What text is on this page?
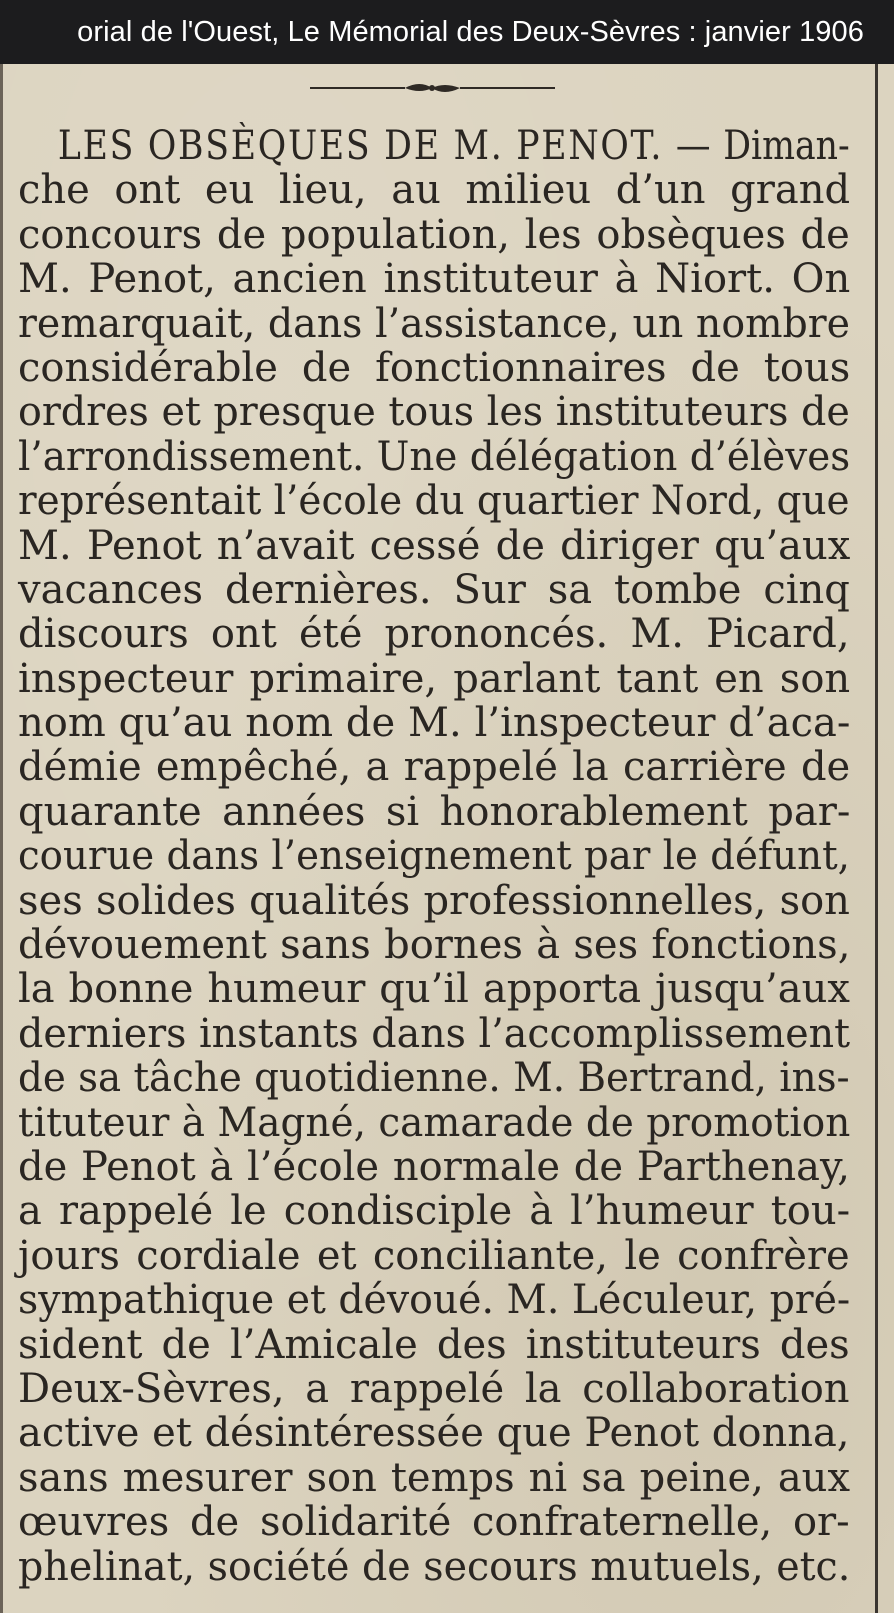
orial de l'Ouest, Le Mémorial des Deux-Sèvres : janvier 1906
LES OBSÈQUES DE M. PENOT. — Diman-
che ont eu lieu, au milieu d’un grand
concours de population, les obsèques de
M. Penot, ancien instituteur à Niort. On
remarquait, dans l’assistance, un nombre
considérable de fonctionnaires de tous
ordres et presque tous les instituteurs de
l’arrondissement. Une délégation d’élèves
représentait l’école du quartier Nord, que
M. Penot n’avait cessé de diriger qu’aux
vacances dernières. Sur sa tombe cinq
discours ont été prononcés. M. Picard,
inspecteur primaire, parlant tant en son
nom qu’au nom de M. l’inspecteur d’aca-
démie empêché, a rappelé la carrière de
quarante années si honorablement par-
courue dans l’enseignement par le défunt,
ses solides qualités professionnelles, son
dévouement sans bornes à ses fonctions,
la bonne humeur qu’il apporta jusqu’aux
derniers instants dans l’accomplissement
de sa tâche quotidienne. M. Bertrand, ins-
tituteur à Magné, camarade de promotion
de Penot à l’école normale de Parthenay,
a rappelé le condisciple à l’humeur tou-
jours cordiale et conciliante, le confrère
sympathique et dévoué. M. Léculeur, pré-
sident de l’Amicale des instituteurs des
Deux-Sèvres, a rappelé la collaboration
active et désintéressée que Penot donna,
sans mesurer son temps ni sa peine, aux
œuvres de solidarité confraternelle, or-
phelinat, société de secours mutuels, etc.
